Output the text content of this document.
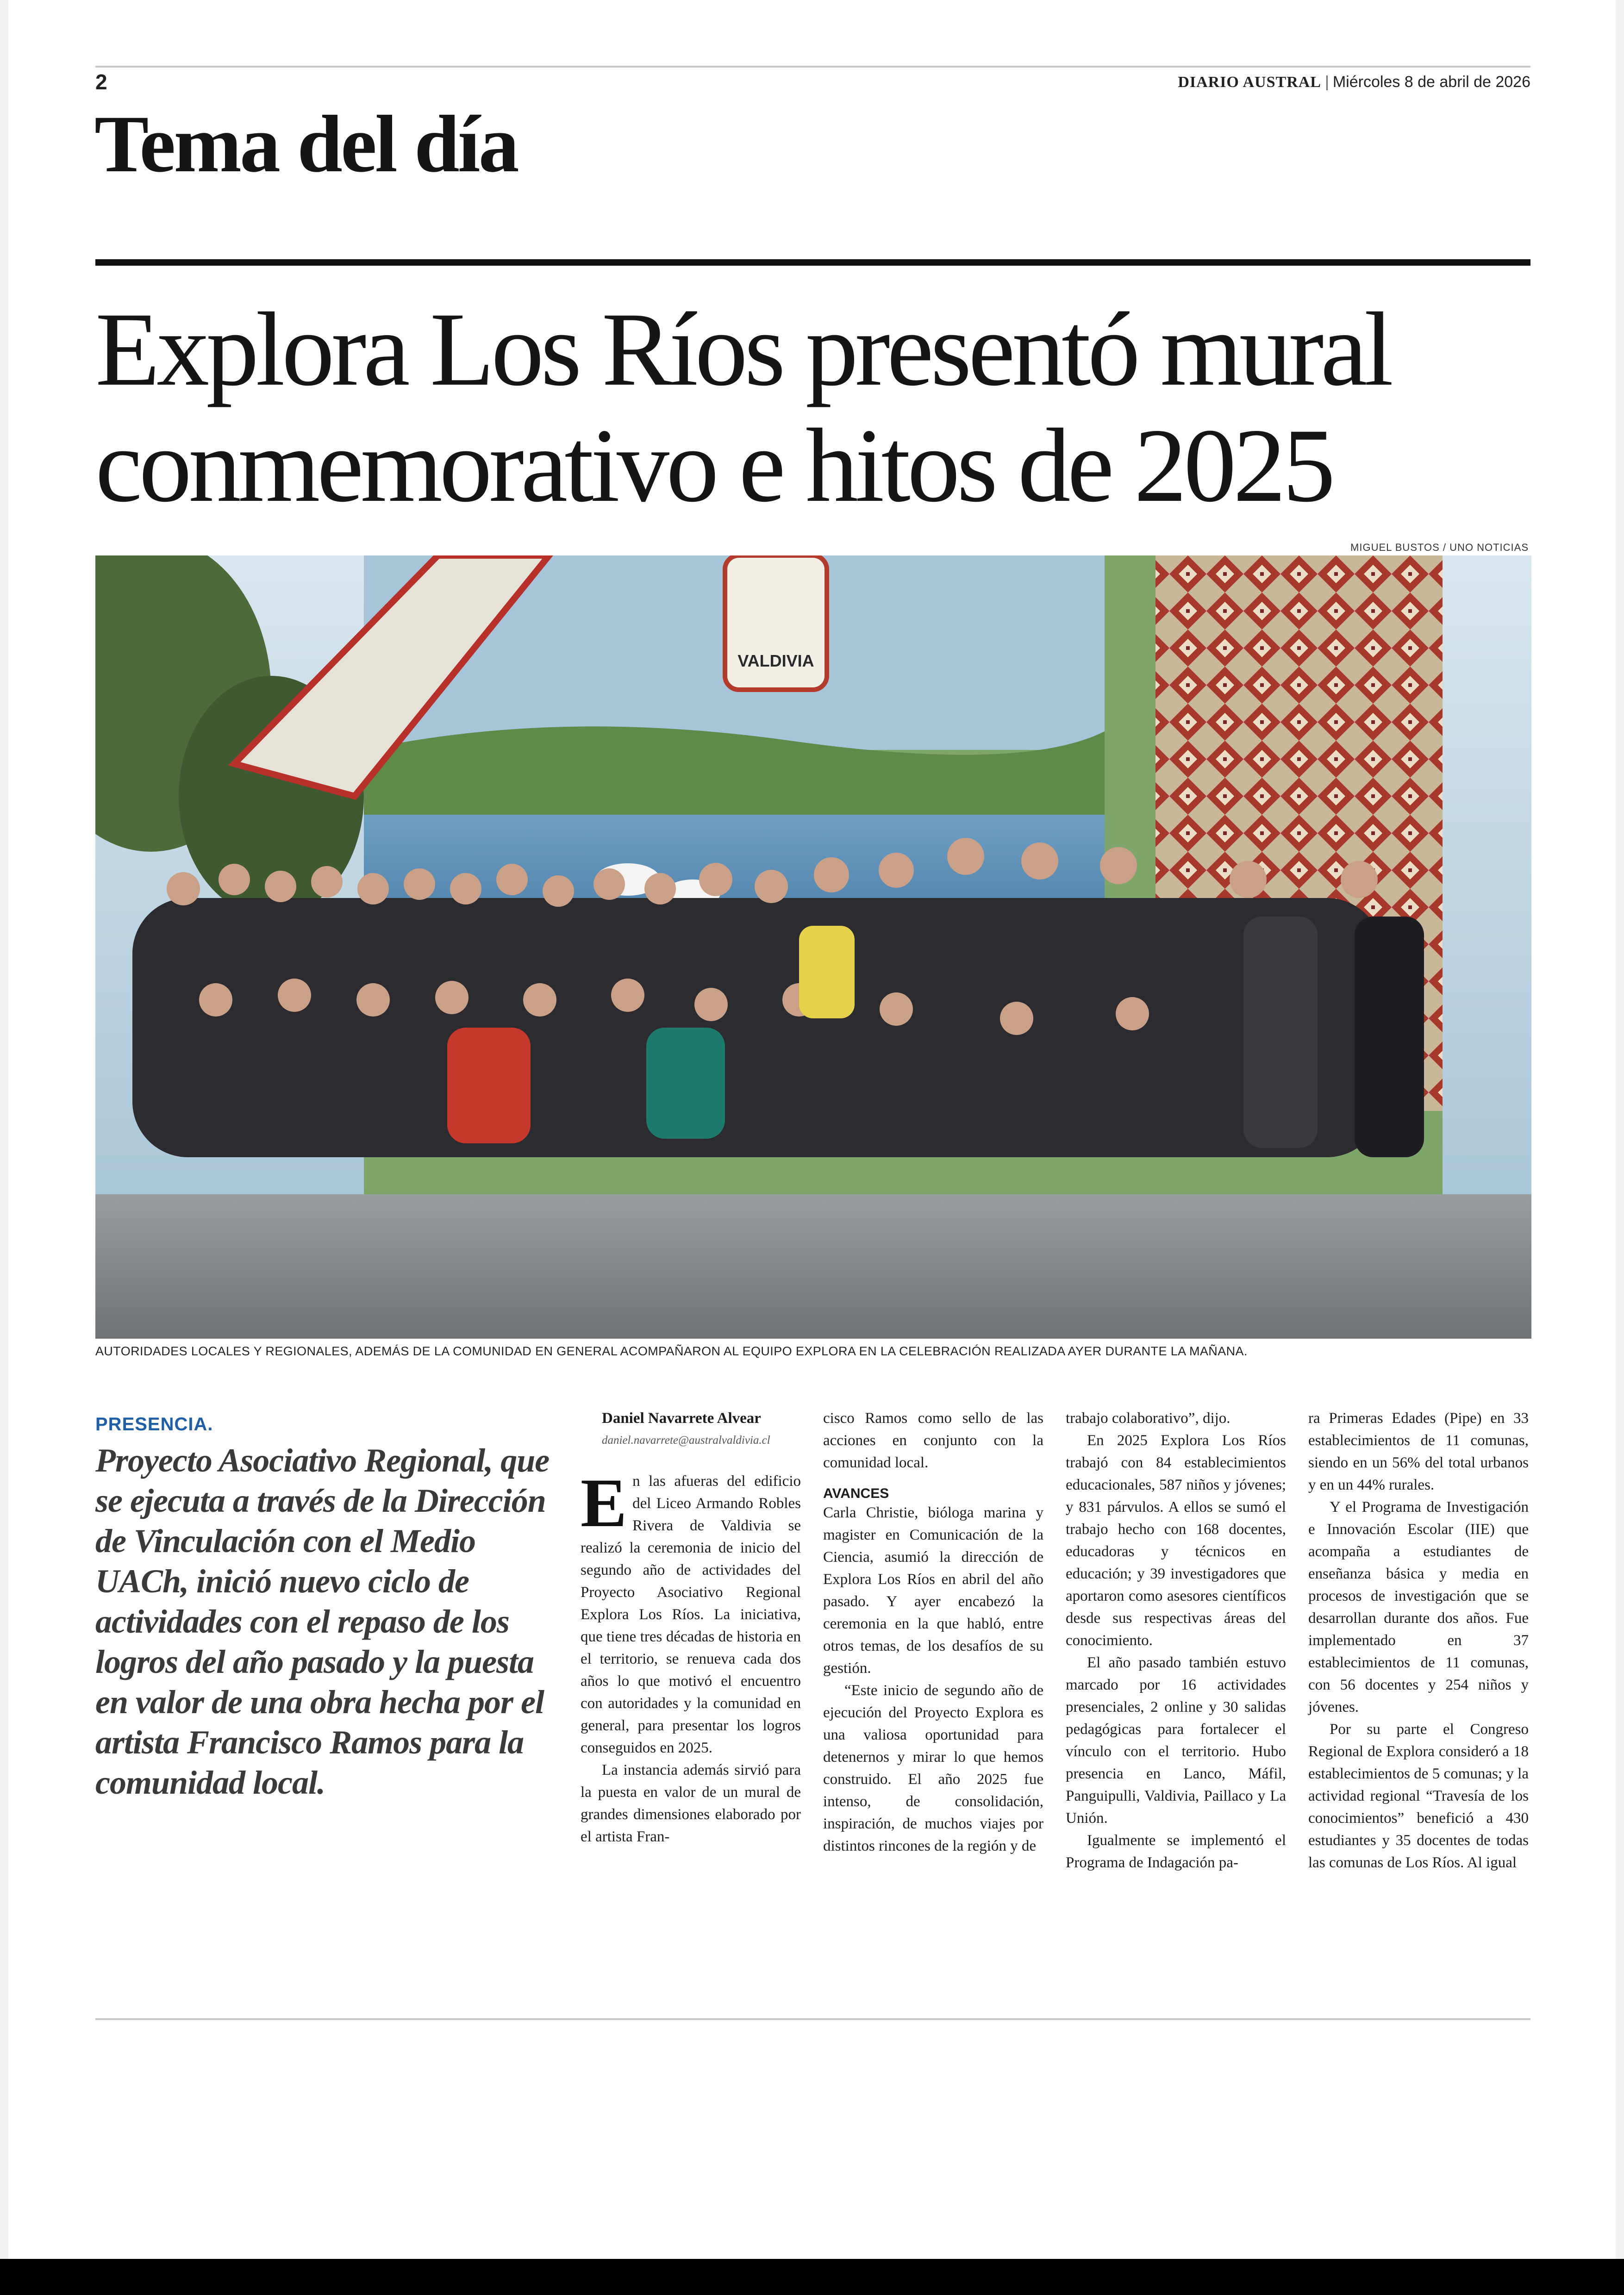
2	DIARIO AUSTRAL | Miércoles 8 de abril de 2026
Tema del día
Explora Los Ríos presentó mural
conmemorativo e hitos de 2025
MIGUEL BUSTOS / UNO NOTICIAS
VALDIVIA
AUTORIDADES LOCALES Y REGIONALES, ADEMÁS DE LA COMUNIDAD EN GENERAL ACOMPAÑARON AL EQUIPO EXPLORA EN LA CELEBRACIÓN REALIZADA AYER DURANTE LA MAÑANA.
PRESENCIA.
Proyecto Asociativo Regional, que se ejecuta a través de la Dirección de Vinculación con el Medio UACh, inició nuevo ciclo de actividades con el repaso de los logros del año pasado y la puesta en valor de una obra hecha por el artista Francisco Ramos para la comunidad local.

Daniel Navarrete Alvear

daniel.navarrete@australvaldivia.cl

En las afueras del edificio del Liceo Armando Robles Rivera de Valdivia se realizó la ceremonia de inicio del segundo año de actividades del Proyecto Asociativo Regional Explora Los Ríos. La iniciativa, que tiene tres décadas de historia en el territorio, se renueva cada dos años lo que motivó el encuentro con autoridades y la comunidad en general, para presentar los logros conseguidos en 2025.

La instancia además sirvió para la puesta en valor de un mural de grandes dimensiones elaborado por el artista Fran-

cisco Ramos como sello de las acciones en conjunto con la comunidad local.

AVANCES

Carla Christie, bióloga marina y magister en Comunicación de la Ciencia, asumió la dirección de Explora Los Ríos en abril del año pasado. Y ayer encabezó la ceremonia en la que habló, entre otros temas, de los desafíos de su gestión.

“Este inicio de segundo año de ejecución del Proyecto Explora es una valiosa oportunidad para detenernos y mirar lo que hemos construido. El año 2025 fue intenso, de consolidación, inspiración, de muchos viajes por distintos rincones de la región y de

trabajo colaborativo”, dijo.

En 2025 Explora Los Ríos trabajó con 84 establecimientos educacionales, 587 niños y jóvenes; y 831 párvulos. A ellos se sumó el trabajo hecho con 168 docentes, educadoras y técnicos en educación; y 39 investigadores que aportaron como asesores científicos desde sus respectivas áreas del conocimiento.

El año pasado también estuvo marcado por 16 actividades presenciales, 2 online y 30 salidas pedagógicas para fortalecer el vínculo con el territorio. Hubo presencia en Lanco, Máfil, Panguipulli, Valdivia, Paillaco y La Unión.

Igualmente se implementó el Programa de Indagación pa-

ra Primeras Edades (Pipe) en 33 establecimientos de 11 comunas, siendo en un 56% del total urbanos y en un 44% rurales.

Y el Programa de Investigación e Innovación Escolar (IIE) que acompaña a estudiantes de enseñanza básica y media en procesos de investigación que se desarrollan durante dos años. Fue implementado en 37 establecimientos de 11 comunas, con 56 docentes y 254 niños y jóvenes.

Por su parte el Congreso Regional de Explora consideró a 18 establecimientos de 5 comunas; y la actividad regional “Travesía de los conocimientos” benefició a 430 estudiantes y 35 docentes de todas las comunas de Los Ríos. Al igual
